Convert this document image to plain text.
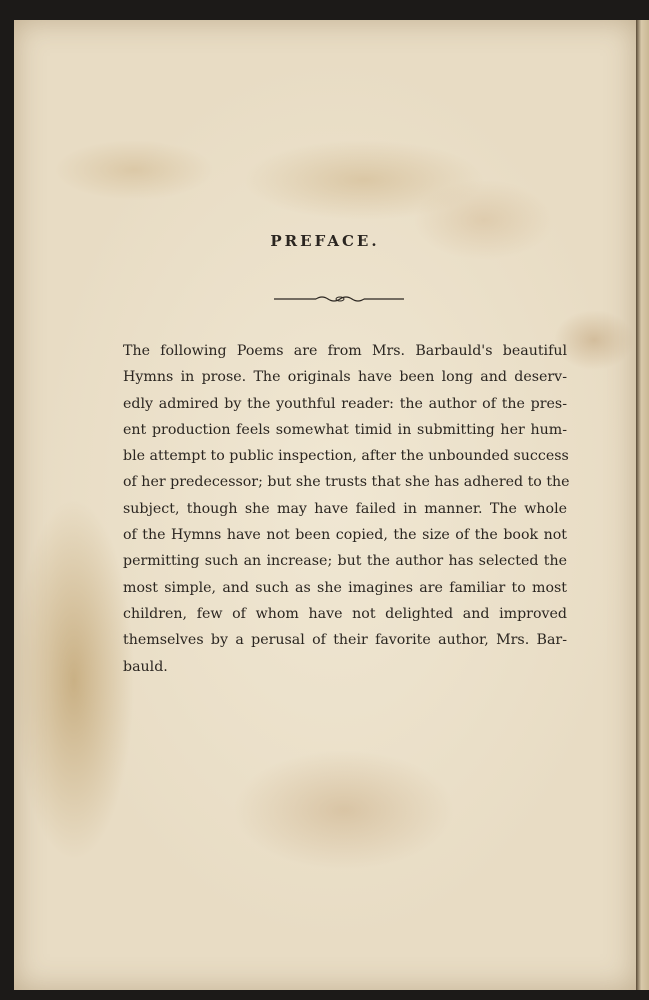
PREFACE.
The following Poems are from Mrs. Barbauld's beautiful
Hymns in prose. The originals have been long and deserv-
edly admired by the youthful reader: the author of the pres-
ent production feels somewhat timid in submitting her hum-
ble attempt to public inspection, after the unbounded success
of her predecessor; but she trusts that she has adhered to the
subject, though she may have failed in manner. The whole
of the Hymns have not been copied, the size of the book not
permitting such an increase; but the author has selected the
most simple, and such as she imagines are familiar to most
children, few of whom have not delighted and improved
themselves by a perusal of their favorite author, Mrs. Bar-
bauld.
